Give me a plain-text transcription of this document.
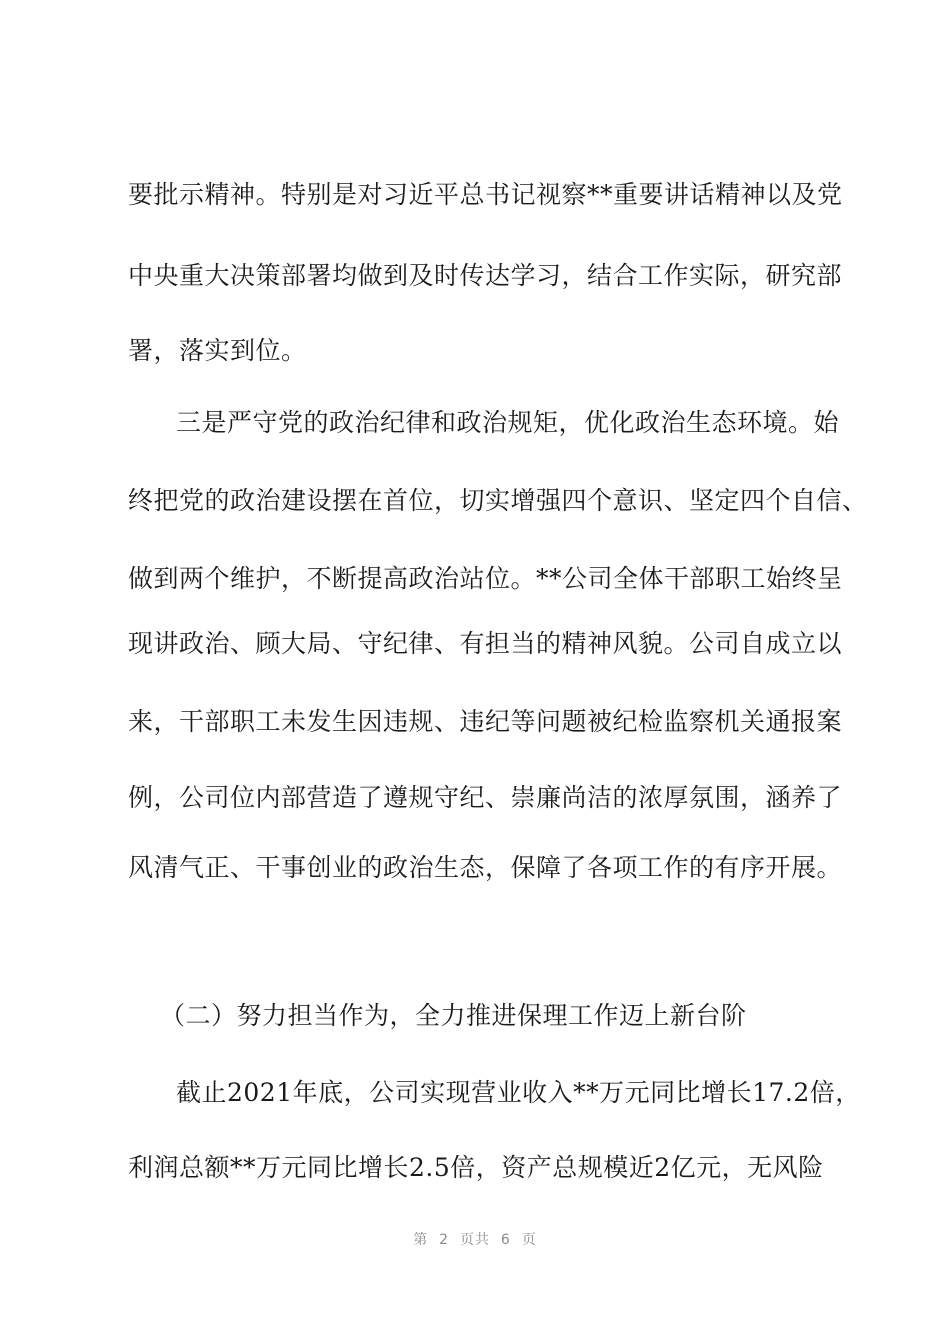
要批示精神。特别是对习近平总书记视察**重要讲话精神以及党
中央重大决策部署均做到及时传达学习，结合工作实际，研究部
署，落实到位。
三是严守党的政治纪律和政治规矩，优化政治生态环境。始
终把党的政治建设摆在首位，切实增强四个意识、坚定四个自信、
做到两个维护，不断提高政治站位。**公司全体干部职工始终呈
现讲政治、顾大局、守纪律、有担当的精神风貌。公司自成立以
来，干部职工未发生因违规、违纪等问题被纪检监察机关通报案
例，公司位内部营造了遵规守纪、崇廉尚洁的浓厚氛围，涵养了
风清气正、干事创业的政治生态，保障了各项工作的有序开展。
（二）努力担当作为，全力推进保理工作迈上新台阶
截止2021年底，公司实现营业收入**万元同比增长17.2倍，
利润总额**万元同比增长2.5倍，资产总规模近2亿元，无风险
第  2  页共  6  页
